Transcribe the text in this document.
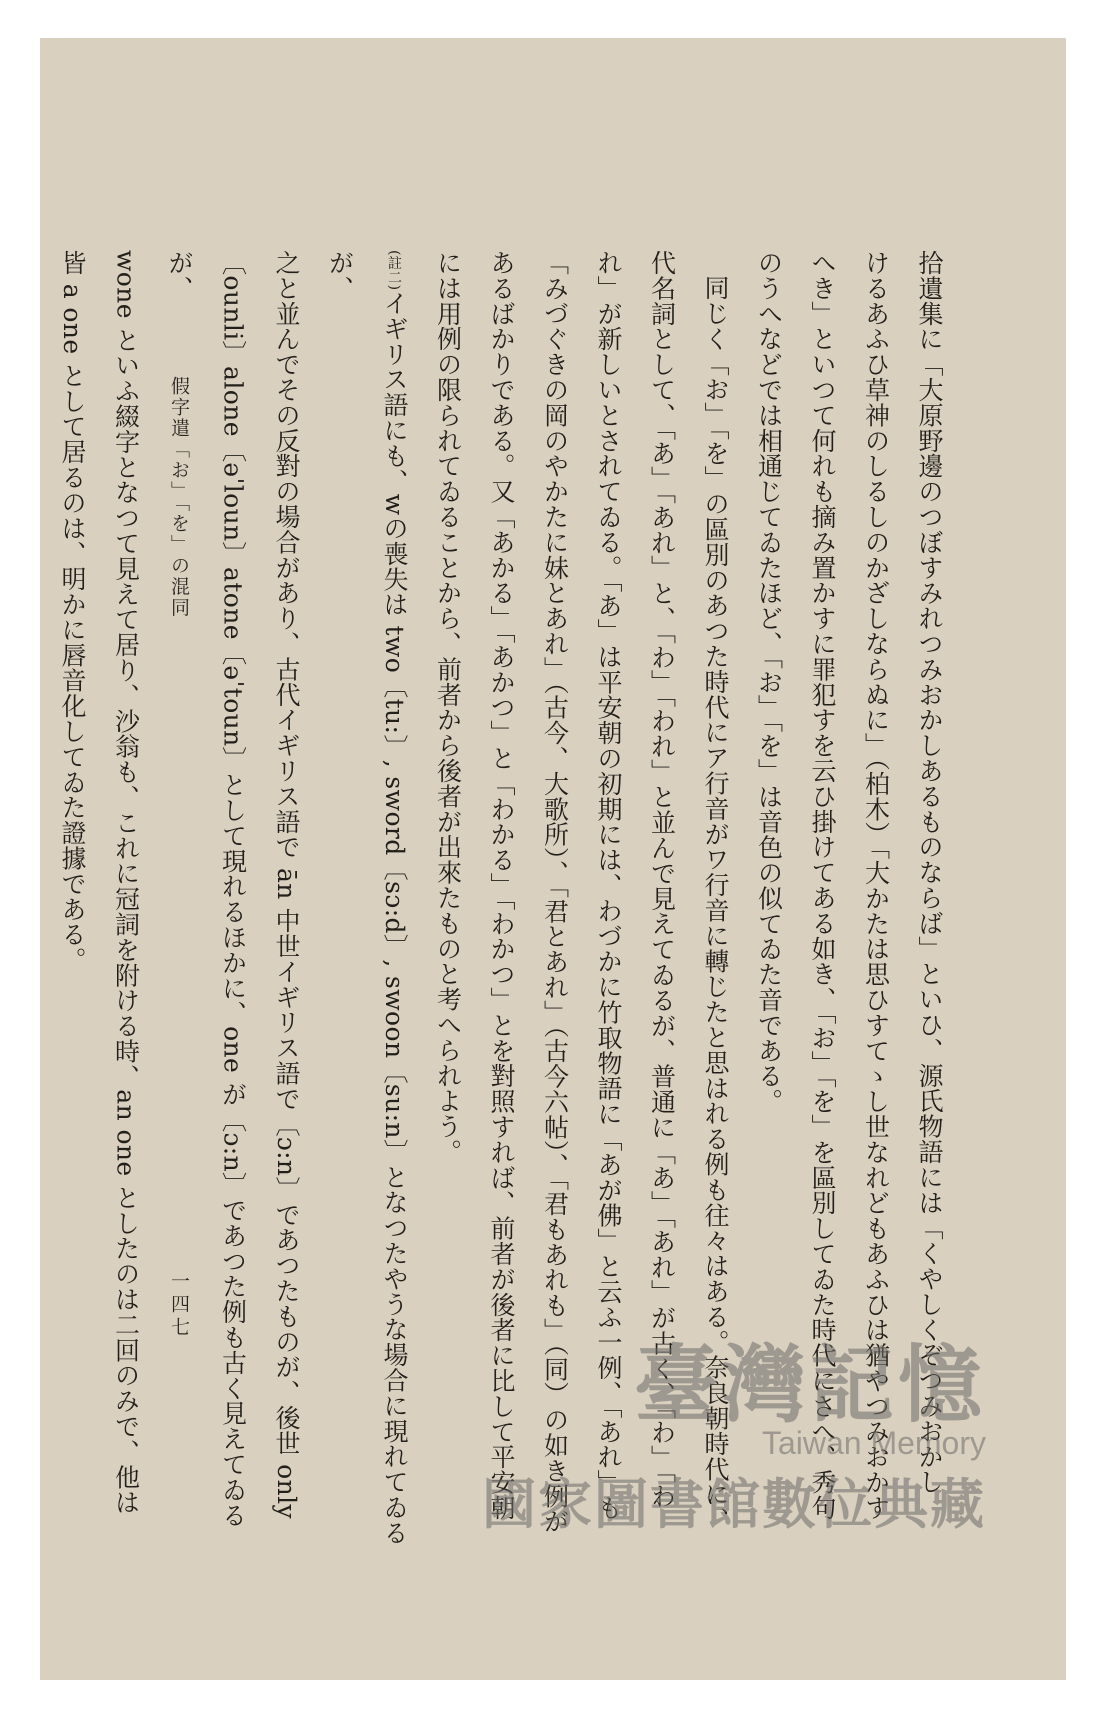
拾遺集に「大原野邊のつぼすみれつみおかしあるものならば」といひ、源氏物語には「くやしくぞつみおかし

けるあふひ草神のしるしのかざしならぬに」（柏木）「大かたは思ひすてゝし世なれどもあふひは猶やつみおかす

へき」といつて何れも摘み置かすに罪犯すを云ひ掛けてある如き、「お」「を」を區別してゐた時代にさへ、秀句

のうへなどでは相通じてゐたほど、「お」「を」は音色の似てゐた音である。

同じく「お」「を」の區別のあつた時代にア行音がワ行音に轉じたと思はれる例も往々はある。奈良朝時代に、

代名詞として、「あ」「あれ」と、「わ」「われ」と並んで見えてゐるが、普通に「あ」「あれ」が古く、「わ」「わ

れ」が新しいとされてゐる。「あ」は平安朝の初期には、わづかに竹取物語に「あが佛」と云ふ一例、「あれ」も

「みづぐきの岡のやかたに妹とあれ」（古今、大歌所）、「君とあれ」（古今六帖）、「君もあれも」（同）の如き例が

あるばかりである。又「あかる」「あかつ」と「わかる」「わかつ」とを對照すれば、前者が後者に比して平安朝

には用例の限られてゐることから、前者から後者が出來たものと考へられよう。

(註二)イギリス語にも、wの喪失は two〔tu:〕, sword〔sɔ:d〕, swoon〔su:n〕となつたやうな場合に現れてゐるが、

之と並んでその反對の場合があり、古代イギリス語で ān 中世イギリス語で〔ɔ:n〕であつたものが、後世 only

〔ounli〕alone〔əˈloun〕atone〔əˈtoun〕として現れるほかに、one が〔ɔ:n〕であつた例も古く見えてゐるが、

wone といふ綴字となつて見えて居り、沙翁も、これに冠詞を附ける時、an one としたのは二回のみで、他は

皆 a one として居るのは、明かに唇音化してゐた證據である。	假字遣「お」「を」の混同
一四七
臺灣記憶
Taiwan Memory
國家圖書館數位典藏
